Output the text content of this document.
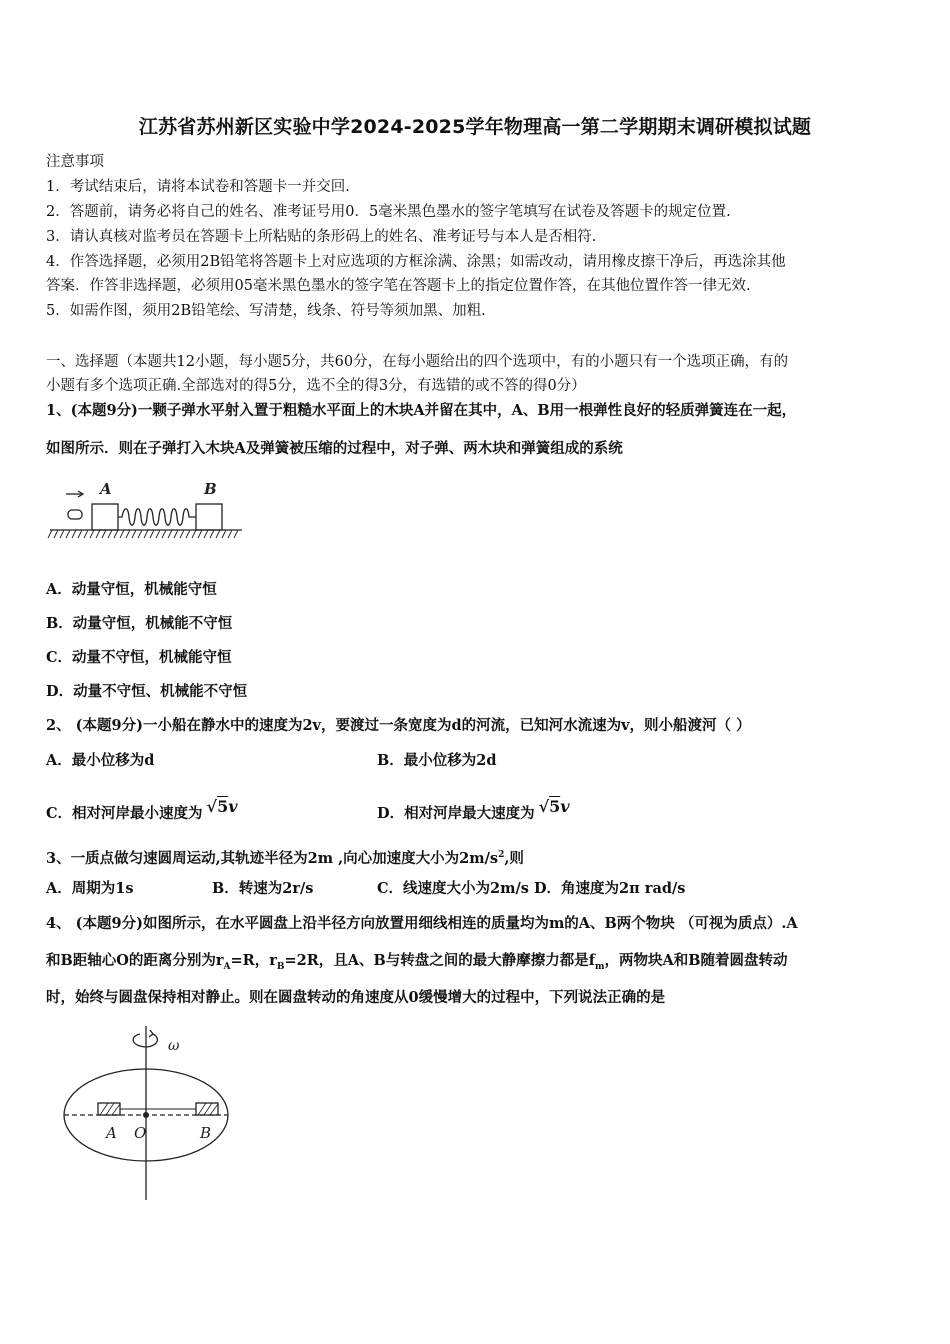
江苏省苏州新区实验中学2024-2025学年物理高一第二学期期末调研模拟试题
注意事项
1．考试结束后，请将本试卷和答题卡一并交回.
2．答题前，请务必将自己的姓名、准考证号用0．5毫米黑色墨水的签字笔填写在试卷及答题卡的规定位置.
3．请认真核对监考员在答题卡上所粘贴的条形码上的姓名、准考证号与本人是否相符.
4．作答选择题，必须用2B铅笔将答题卡上对应选项的方框涂满、涂黑；如需改动，请用橡皮擦干净后，再选涂其他
答案．作答非选择题，必须用05毫米黑色墨水的签字笔在答题卡上的指定位置作答，在其他位置作答一律无效.
5．如需作图，须用2B铅笔绘、写清楚，线条、符号等须加黑、加粗.
一、选择题（本题共12小题，每小题5分，共60分，在每小题给出的四个选项中，有的小题只有一个选项正确，有的
小题有多个选项正确.全部选对的得5分，选不全的得3分，有选错的或不答的得0分）
1、(本题9分)一颗子弹水平射入置于粗糙水平面上的木块A并留在其中，A、B用一根弹性良好的轻质弹簧连在一起，
如图所示．则在子弹打入木块A及弹簧被压缩的过程中，对子弹、两木块和弹簧组成的系统
A	B
A．动量守恒，机械能守恒
B．动量守恒，机械能不守恒
C．动量不守恒，机械能守恒
D．动量不守恒、机械能不守恒
2、 (本题9分)一小船在静水中的速度为2v，要渡过一条宽度为d的河流，已知河水流速为v，则小船渡河（ ）
A．最小位移为d	B．最小位移为2d
C．相对河岸最小速度为 √5v	D．相对河岸最大速度为 √5v
3、一质点做匀速圆周运动,其轨迹半径为2m ,向心加速度大小为$2m/s^2$,则
A．周期为1s	B．转速为2r/s	C．线速度大小为2m/s D．角速度为2π rad/s
4、 (本题9分)如图所示，在水平圆盘上沿半径方向放置用细线相连的质量均为m的A、B两个物块 （可视为质点）.A
和B距轴心O的距离分别为$r_A=R$，$r_B=2R$，且A、B与转盘之间的最大静摩擦力都是$f_m$，两物块A和B随着圆盘转动
时，始终与圆盘保持相对静止。则在圆盘转动的角速度从0缓慢增大的过程中，下列说法正确的是
ω
A O	B
